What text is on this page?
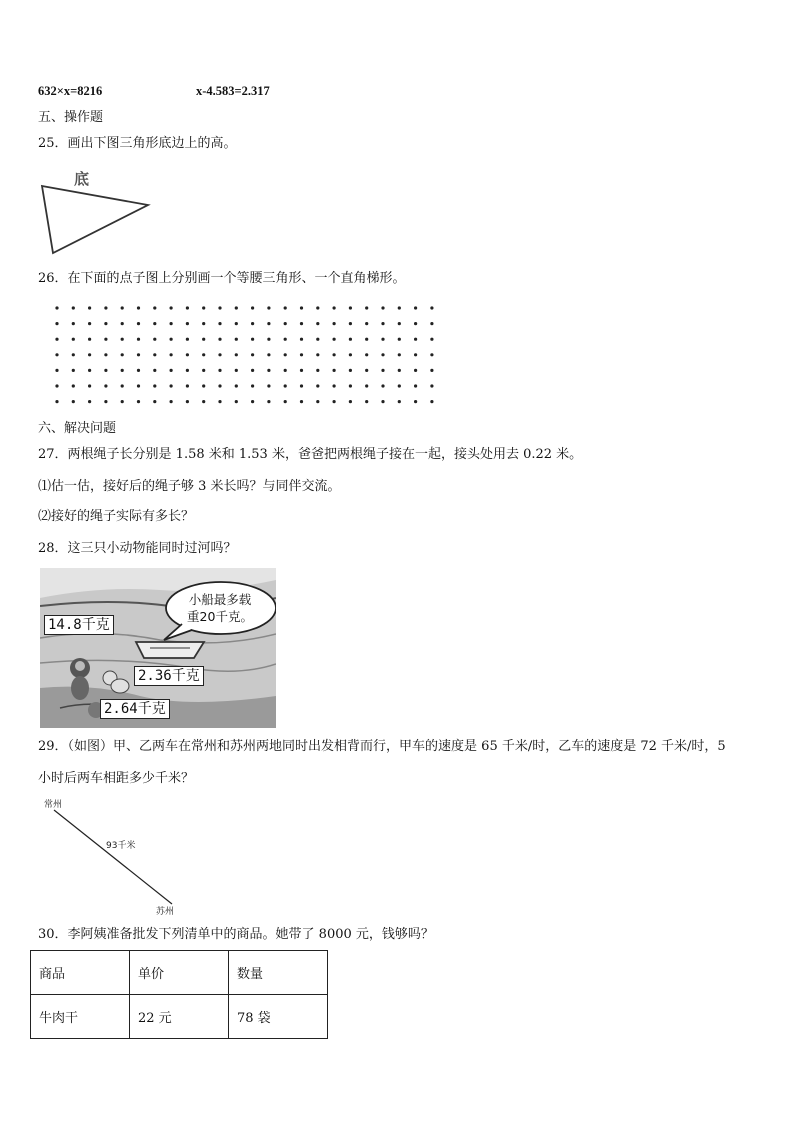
632×x=8216	x-4.583=2.317
五、操作题
25．画出下图三角形底边上的高。
底
26．在下面的点子图上分别画一个等腰三角形、一个直角梯形。
六、解决问题
27．两根绳子长分别是 1.58 米和 1.53 米，爸爸把两根绳子接在一起，接头处用去 0.22 米。
⑴估一估，接好后的绳子够 3 米长吗？与同伴交流。
⑵接好的绳子实际有多长？
28．这三只小动物能同时过河吗？
小船最多载
重20千克。
14.8千克
2.36千克
2.64千克
29．（如图）甲、乙两车在常州和苏州两地同时出发相背而行，甲车的速度是 65 千米/时，乙车的速度是 72 千米/时，5
小时后两车相距多少千米？
常州
93千米
苏州
30．李阿姨准备批发下列清单中的商品。她带了 8000 元，钱够吗？
商品	单价	数量
牛肉干	22 元	78 袋
